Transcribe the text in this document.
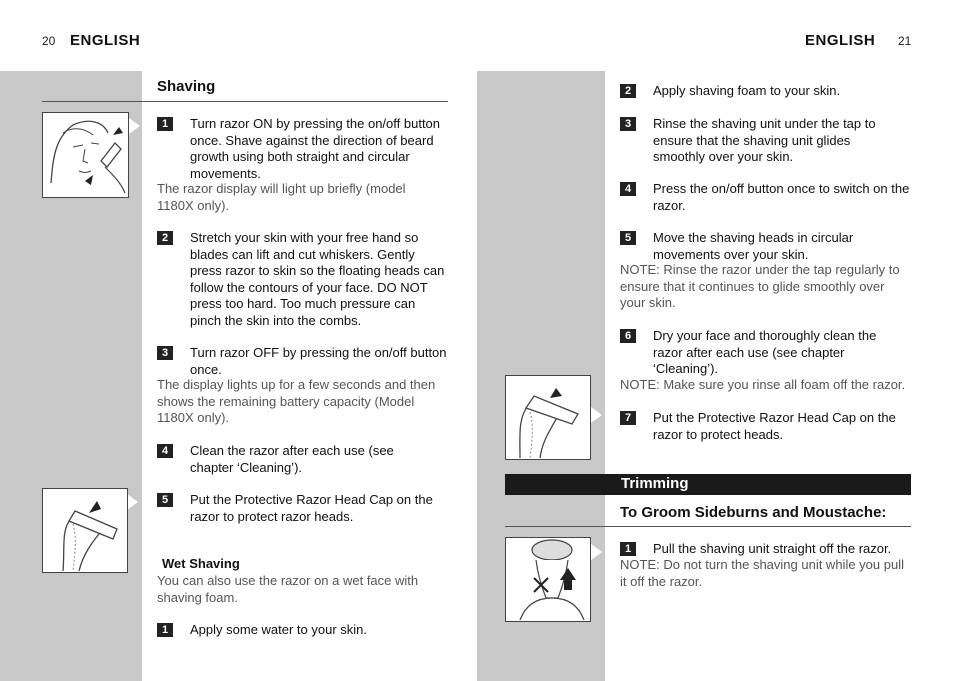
20 ENGLISH
Shaving
1	Turn razor ON by pressing the on/off button once. Shave against the direction of beard growth using both straight and circular movements.
The razor display will light up briefly (model 1180X only).
2	Stretch your skin with your free hand so blades can lift and cut whiskers. Gently press razor to skin so the floating heads can follow the contours of your face. DO NOT press too hard. Too much pressure can pinch the skin into the combs.
3	Turn razor OFF by pressing the on/off button once.
The display lights up for a few seconds and then shows the remaining battery capacity (Model 1180X only).
4	Clean the razor after each use (see chapter ‘Cleaning’).
5	Put the Protective Razor Head Cap on the razor to protect razor heads.
Wet Shaving
You can also use the razor on a wet face with shaving foam.
1	Apply some water to your skin.
ENGLISH 21
2	Apply shaving foam to your skin.
3	Rinse the shaving unit under the tap to ensure that the shaving unit glides smoothly over your skin.
4	Press the on/off button once to switch on the razor.
5	Move the shaving heads in circular movements over your skin.
NOTE: Rinse the razor under the tap regularly to ensure that it continues to glide smoothly over your skin.
6	Dry your face and thoroughly clean the razor after each use (see chapter ‘Cleaning’).
NOTE: Make sure you rinse all foam off the razor.
7	Put the Protective Razor Head Cap on the razor to protect heads.
Trimming
To Groom Sideburns and Moustache:
1	Pull the shaving unit straight off the razor.
NOTE: Do not turn the shaving unit while you pull it off the razor.
